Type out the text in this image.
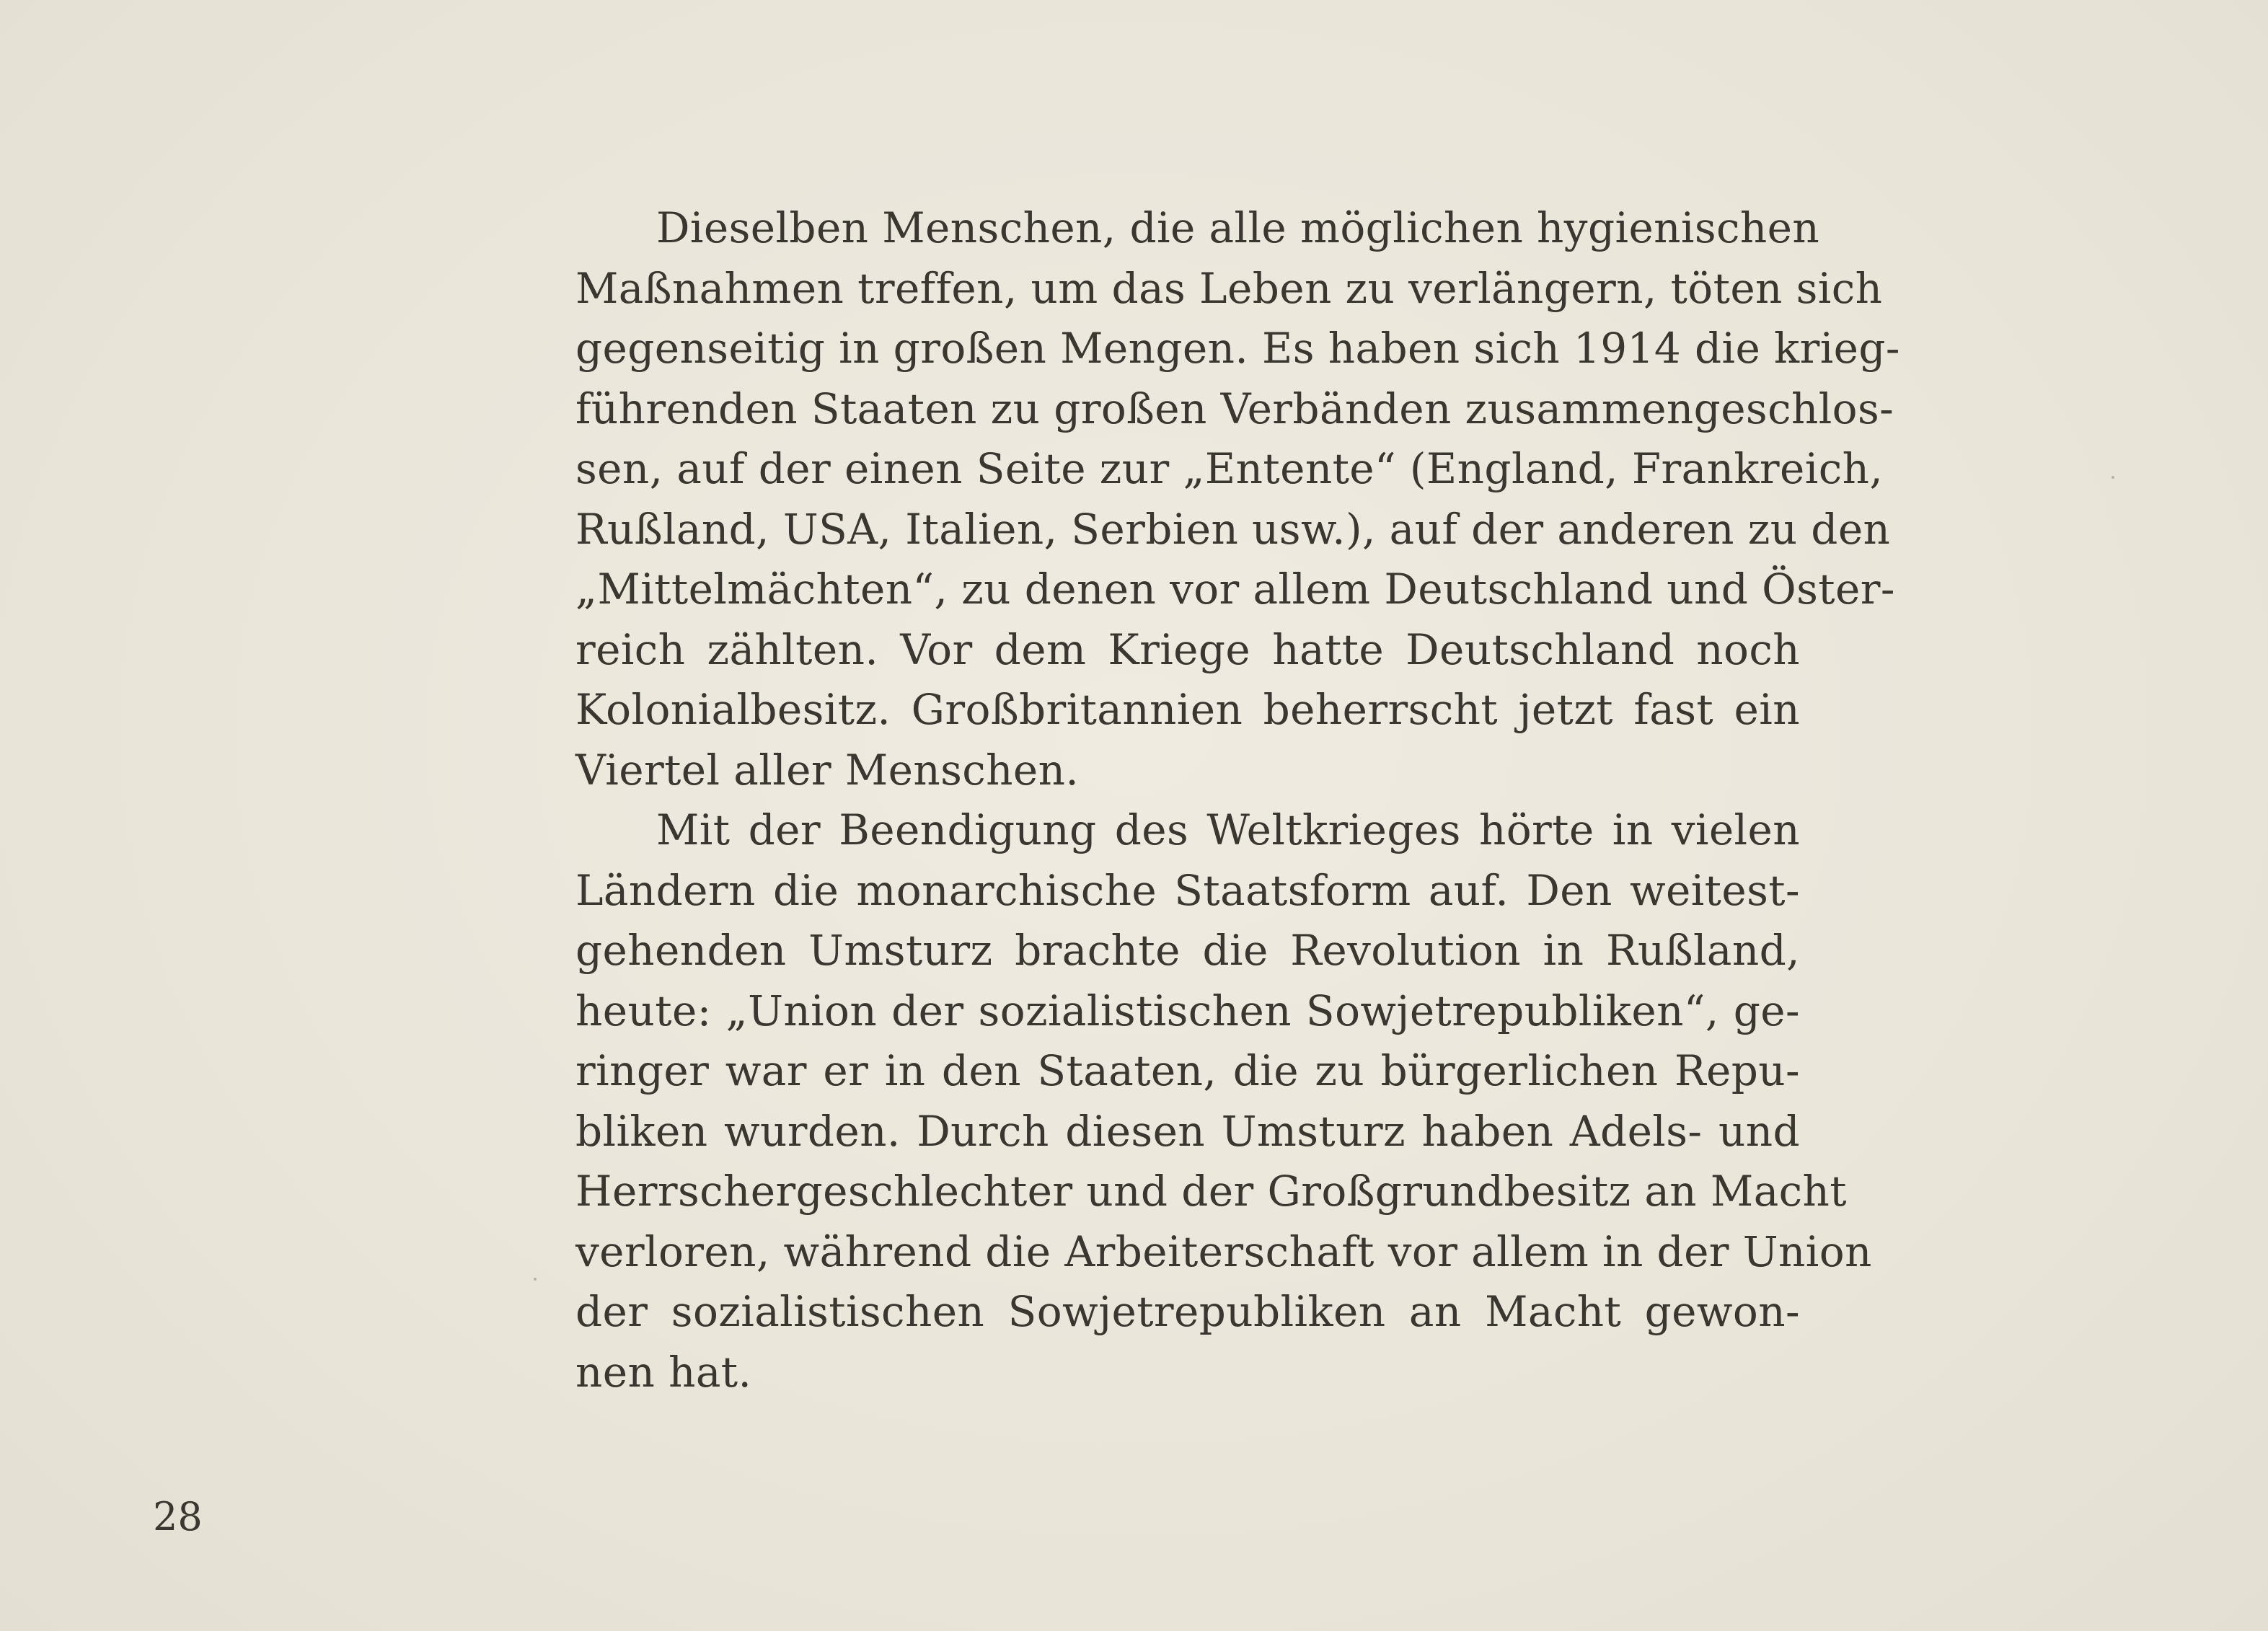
Dieselben Menschen, die alle möglichen hygienischen
Maßnahmen treffen, um das Leben zu verlängern, töten sich
gegenseitig in großen Mengen. Es haben sich 1914 die krieg-
führenden Staaten zu großen Verbänden zusammengeschlos-
sen, auf der einen Seite zur „Entente“ (England, Frankreich,
Rußland, USA, Italien, Serbien usw.), auf der anderen zu den
„Mittelmächten“, zu denen vor allem Deutschland und Öster-
reich zählten. Vor dem Kriege hatte Deutschland noch
Kolonialbesitz. Großbritannien beherrscht jetzt fast ein
Viertel aller Menschen.
Mit der Beendigung des Weltkrieges hörte in vielen
Ländern die monarchische Staatsform auf. Den weitest-
gehenden Umsturz brachte die Revolution in Rußland,
heute: „Union der sozialistischen Sowjetrepubliken“, ge-
ringer war er in den Staaten, die zu bürgerlichen Repu-
bliken wurden. Durch diesen Umsturz haben Adels- und
Herrschergeschlechter und der Großgrundbesitz an Macht
verloren, während die Arbeiterschaft vor allem in der Union
der sozialistischen Sowjetrepubliken an Macht gewon-
nen hat.
28
